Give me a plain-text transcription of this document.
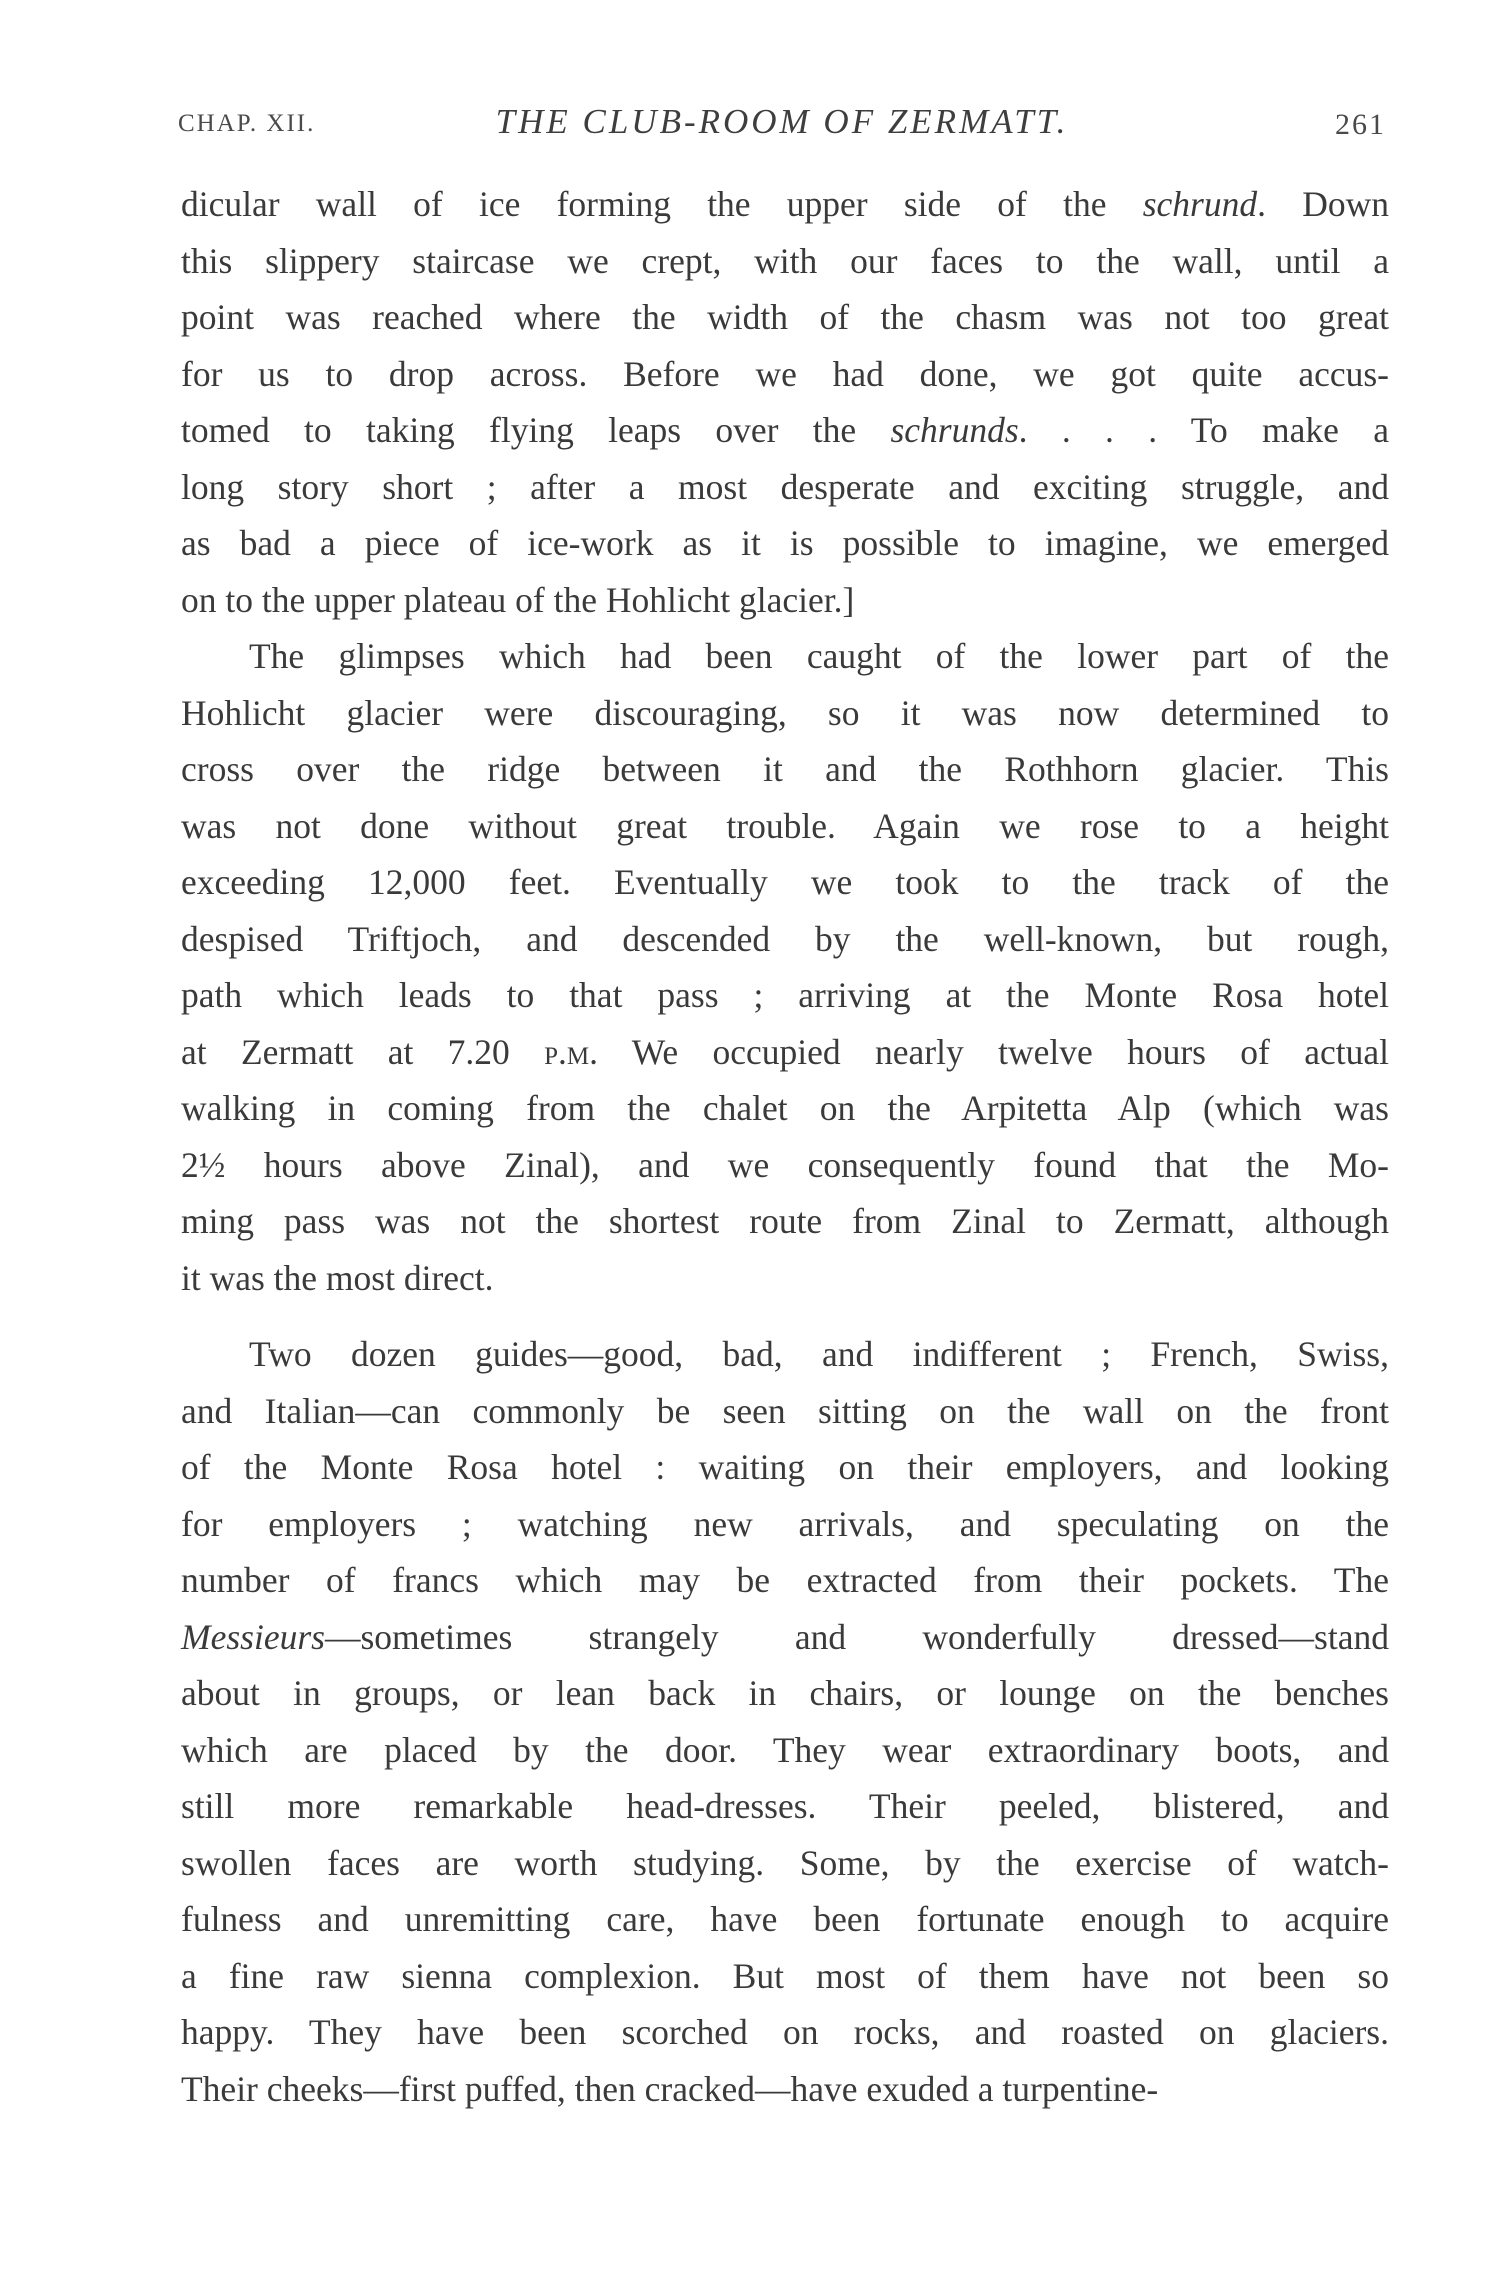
CHAP. XII.	THE CLUB-ROOM OF ZERMATT.	261
dicular wall of ice forming the upper side of the schrund. Down
this slippery staircase we crept, with our faces to the wall, until a
point was reached where the width of the chasm was not too great
for us to drop across. Before we had done, we got quite accus-
tomed to taking flying leaps over the schrunds. . . . To make a
long story short ; after a most desperate and exciting struggle, and
as bad a piece of ice-work as it is possible to imagine, we emerged
on to the upper plateau of the Hohlicht glacier.]
The glimpses which had been caught of the lower part of the
Hohlicht glacier were discouraging, so it was now determined to
cross over the ridge between it and the Rothhorn glacier. This
was not done without great trouble. Again we rose to a height
exceeding 12,000 feet. Eventually we took to the track of the
despised Triftjoch, and descended by the well-known, but rough,
path which leads to that pass ; arriving at the Monte Rosa hotel
at Zermatt at 7.20 p.m. We occupied nearly twelve hours of actual
walking in coming from the chalet on the Arpitetta Alp (which was
2½ hours above Zinal), and we consequently found that the Mo-
ming pass was not the shortest route from Zinal to Zermatt, although
it was the most direct.
Two dozen guides—good, bad, and indifferent ; French, Swiss,
and Italian—can commonly be seen sitting on the wall on the front
of the Monte Rosa hotel : waiting on their employers, and looking
for employers ; watching new arrivals, and speculating on the
number of francs which may be extracted from their pockets. The
Messieurs—sometimes strangely and wonderfully dressed—stand
about in groups, or lean back in chairs, or lounge on the benches
which are placed by the door. They wear extraordinary boots, and
still more remarkable head-dresses. Their peeled, blistered, and
swollen faces are worth studying. Some, by the exercise of watch-
fulness and unremitting care, have been fortunate enough to acquire
a fine raw sienna complexion. But most of them have not been so
happy. They have been scorched on rocks, and roasted on glaciers.
Their cheeks—first puffed, then cracked—have exuded a turpentine-
